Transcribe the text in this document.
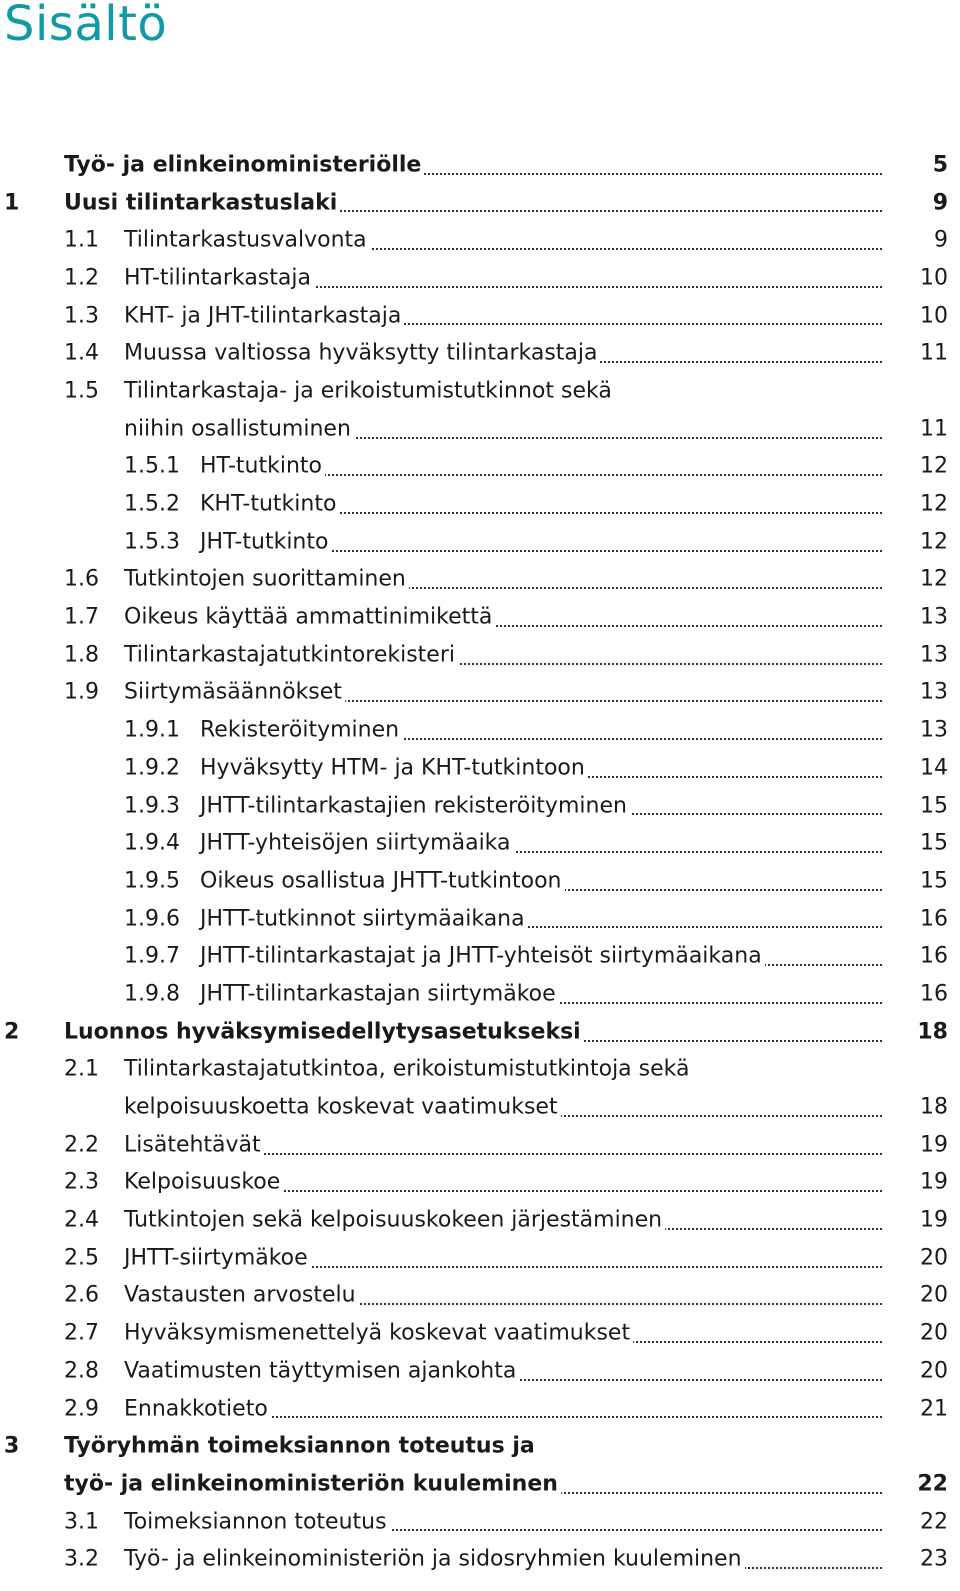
Sisältö
Työ- ja elinkeinoministeriölle	5
1 Uusi tilintarkastuslaki	9
1.1 Tilintarkastusvalvonta	9
1.2 HT-tilintarkastaja	10
1.3 KHT- ja JHT-tilintarkastaja	10
1.4 Muussa valtiossa hyväksytty tilintarkastaja	11
1.5 Tilintarkastaja- ja erikoistumistutkinnot sekä
niihin osallistuminen	11
1.5.1 HT-tutkinto	12
1.5.2 KHT-tutkinto	12
1.5.3 JHT-tutkinto	12
1.6 Tutkintojen suorittaminen	12
1.7 Oikeus käyttää ammattinimikettä	13
1.8 Tilintarkastajatutkintorekisteri	13
1.9 Siirtymäsäännökset	13
1.9.1 Rekisteröityminen	13
1.9.2 Hyväksytty HTM- ja KHT-tutkintoon	14
1.9.3 JHTT-tilintarkastajien rekisteröityminen	15
1.9.4 JHTT-yhteisöjen siirtymäaika	15
1.9.5 Oikeus osallistua JHTT-tutkintoon	15
1.9.6 JHTT-tutkinnot siirtymäaikana	16
1.9.7 JHTT-tilintarkastajat ja JHTT-yhteisöt siirtymäaikana	16
1.9.8 JHTT-tilintarkastajan siirtymäkoe	16
2 Luonnos hyväksymisedellytysasetukseksi	18
2.1 Tilintarkastajatutkintoa, erikoistumistutkintoja sekä
kelpoisuuskoetta koskevat vaatimukset	18
2.2 Lisätehtävät	19
2.3 Kelpoisuuskoe	19
2.4 Tutkintojen sekä kelpoisuuskokeen järjestäminen	19
2.5 JHTT-siirtymäkoe	20
2.6 Vastausten arvostelu	20
2.7 Hyväksymismenettelyä koskevat vaatimukset	20
2.8 Vaatimusten täyttymisen ajankohta	20
2.9 Ennakkotieto	21
3 Työryhmän toimeksiannon toteutus ja
työ- ja elinkeinoministeriön kuuleminen	22
3.1 Toimeksiannon toteutus	22
3.2 Työ- ja elinkeinoministeriön ja sidosryhmien kuuleminen	23
